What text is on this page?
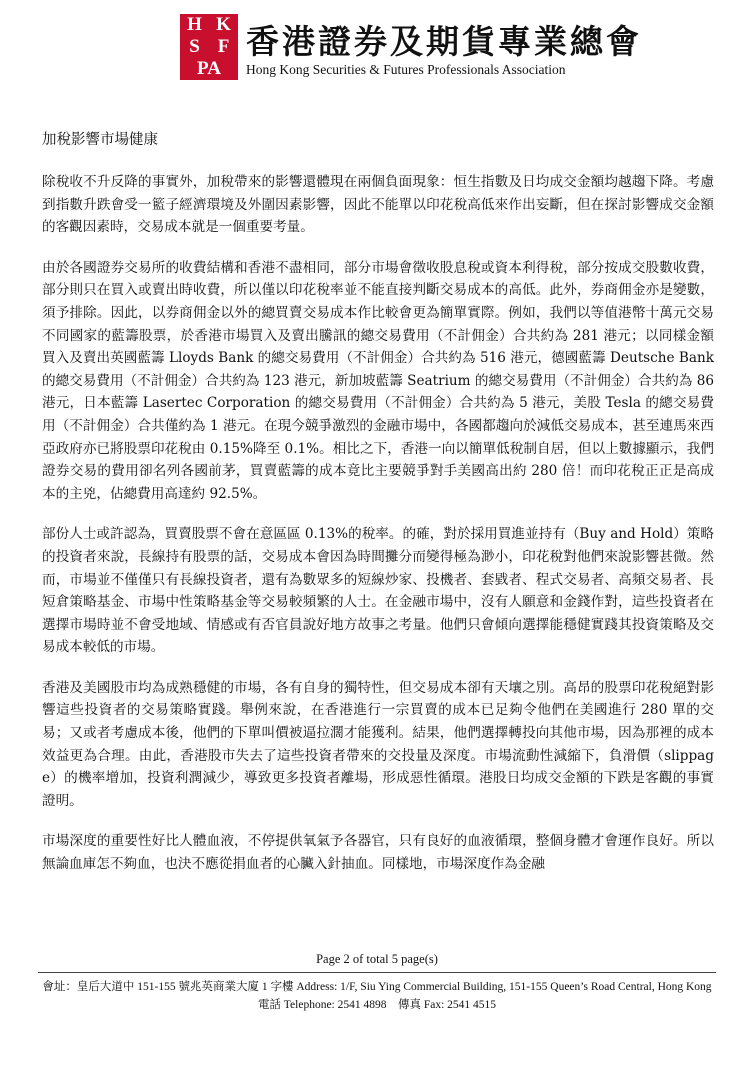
H K
S F
PA
香港證券及期貨專業總會
Hong Kong Securities & Futures Professionals Association
加稅影響市場健康

除稅收不升反降的事實外，加稅帶來的影響還體現在兩個負面現象：恒生指數及日均成交金額均越趨下降。考慮到指數升跌會受一籃子經濟環境及外圍因素影響，因此不能單以印花稅高低來作出妄斷，但在探討影響成交金額的客觀因素時，交易成本就是一個重要考量。

由於各國證券交易所的收費結構和香港不盡相同，部分市場會徵收股息稅或資本利得稅，部分按成交股數收費，部分則只在買入或賣出時收費，所以僅以印花稅率並不能直接判斷交易成本的高低。此外，券商佣金亦是變數，須予排除。因此，以券商佣金以外的總買賣交易成本作比較會更為簡單實際。例如，我們以等值港幣十萬元交易不同國家的藍籌股票，於香港市場買入及賣出騰訊的總交易費用（不計佣金）合共約為 281 港元；以同樣金額買入及賣出英國藍籌 Lloyds Bank 的總交易費用（不計佣金）合共約為 516 港元，德國藍籌 Deutsche Bank 的總交易費用（不計佣金）合共約為 123 港元，新加坡藍籌 Seatrium 的總交易費用（不計佣金）合共約為 86 港元，日本藍籌 Lasertec Corporation 的總交易費用（不計佣金）合共約為 5 港元，美股 Tesla 的總交易費用（不計佣金）合共僅約為 1 港元。在現今競爭激烈的金融市場中，各國都趨向於減低交易成本，甚至連馬來西亞政府亦已將股票印花稅由 0.15%降至 0.1%。相比之下，香港一向以簡單低稅制自居，但以上數據顯示，我們證券交易的費用卻名列各國前茅，買賣藍籌的成本竟比主要競爭對手美國高出約 280 倍！而印花稅正正是高成本的主兇，佔總費用高達約 92.5%。

部份人士或許認為，買賣股票不會在意區區 0.13%的稅率。的確，對於採用買進並持有（Buy and Hold）策略的投資者來說，長線持有股票的話，交易成本會因為時間攤分而變得極為渺小，印花稅對他們來說影響甚微。然而，市場並不僅僅只有長線投資者，還有為數眾多的短線炒家、投機者、套戥者、程式交易者、高頻交易者、長短倉策略基金、市場中性策略基金等交易較頻繁的人士。在金融市場中，沒有人願意和金錢作對，這些投資者在選擇市場時並不會受地域、情感或有否官員說好地方故事之考量。他們只會傾向選擇能穩健實踐其投資策略及交易成本較低的市場。

香港及美國股市均為成熟穩健的市場，各有自身的獨特性，但交易成本卻有天壤之別。高昂的股票印花稅絕對影響這些投資者的交易策略實踐。舉例來說，在香港進行一宗買賣的成本已足夠令他們在美國進行 280 單的交易；又或者考慮成本後，他們的下單叫價被逼拉濶才能獲利。結果，他們選擇轉投向其他市場，因為那裡的成本效益更為合理。由此，香港股市失去了這些投資者帶來的交投量及深度。市場流動性減縮下，負滑價（slippage）的機率增加，投資利潤減少，導致更多投資者離場，形成惡性循環。港股日均成交金額的下跌是客觀的事實證明。

市場深度的重要性好比人體血液，不停提供氧氣予各器官，只有良好的血液循環，整個身體才會運作良好。所以無論血庫怎不夠血，也決不應從捐血者的心臟入針抽血。同樣地，市場深度作為金融

Page 2 of total 5 page(s)
會址：皇后大道中 151-155 號兆英商業大廈 1 字樓 Address: 1/F, Siu Ying Commercial Building, 151-155 Queen’s Road Central, Hong Kong
電話 Telephone: 2541 4898　傳真 Fax: 2541 4515
